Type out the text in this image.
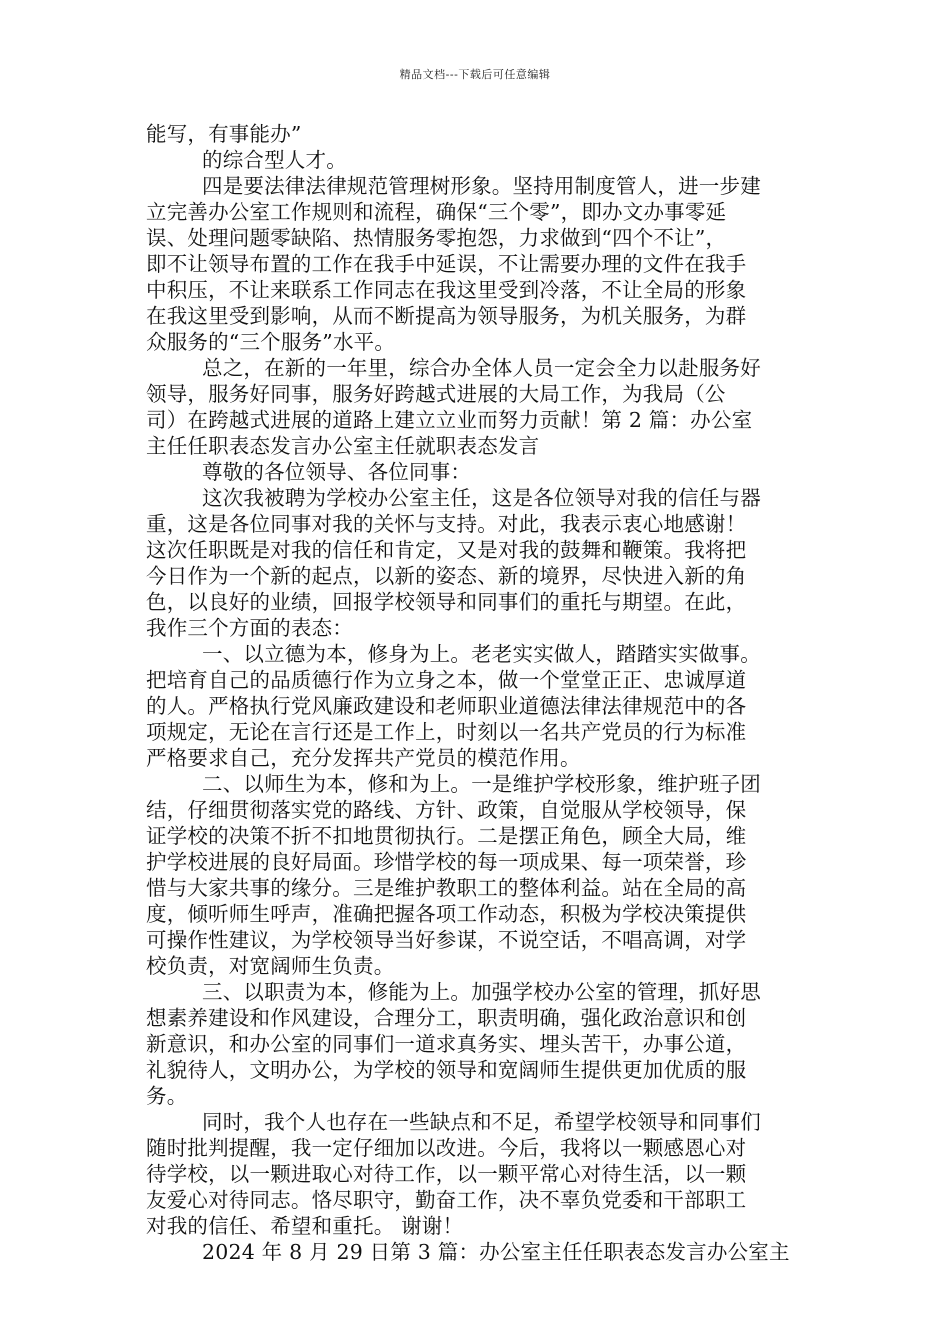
精品文档---下载后可任意编辑
能写，有事能办”
的综合型人才。
四是要法律法律规范管理树形象。坚持用制度管人，进一步建
立完善办公室工作规则和流程，确保“三个零”，即办文办事零延
误、处理问题零缺陷、热情服务零抱怨，力求做到“四个不让”，
即不让领导布置的工作在我手中延误，不让需要办理的文件在我手
中积压，不让来联系工作同志在我这里受到冷落，不让全局的形象
在我这里受到影响，从而不断提高为领导服务，为机关服务，为群
众服务的“三个服务”水平。
总之，在新的一年里，综合办全体人员一定会全力以赴服务好
领导，服务好同事，服务好跨越式进展的大局工作，为我局（公
司）在跨越式进展的道路上建立立业而努力贡献！第 2 篇：办公室
主任任职表态发言办公室主任就职表态发言
尊敬的各位领导、各位同事：
这次我被聘为学校办公室主任，这是各位领导对我的信任与器
重，这是各位同事对我的关怀与支持。对此，我表示衷心地感谢！
这次任职既是对我的信任和肯定，又是对我的鼓舞和鞭策。我将把
今日作为一个新的起点，以新的姿态、新的境界，尽快进入新的角
色，以良好的业绩，回报学校领导和同事们的重托与期望。在此，
我作三个方面的表态：
一、以立德为本，修身为上。老老实实做人，踏踏实实做事。
把培育自己的品质德行作为立身之本，做一个堂堂正正、忠诚厚道
的人。严格执行党风廉政建设和老师职业道德法律法律规范中的各
项规定，无论在言行还是工作上，时刻以一名共产党员的行为标准
严格要求自己，充分发挥共产党员的模范作用。
二、以师生为本，修和为上。一是维护学校形象，维护班子团
结，仔细贯彻落实党的路线、方针、政策，自觉服从学校领导，保
证学校的决策不折不扣地贯彻执行。二是摆正角色，顾全大局，维
护学校进展的良好局面。珍惜学校的每一项成果、每一项荣誉，珍
惜与大家共事的缘分。三是维护教职工的整体利益。站在全局的高
度，倾听师生呼声，准确把握各项工作动态，积极为学校决策提供
可操作性建议，为学校领导当好参谋，不说空话，不唱高调，对学
校负责，对宽阔师生负责。
三、以职责为本，修能为上。加强学校办公室的管理，抓好思
想素养建设和作风建设，合理分工，职责明确，强化政治意识和创
新意识，和办公室的同事们一道求真务实、埋头苦干，办事公道，
礼貌待人，文明办公，为学校的领导和宽阔师生提供更加优质的服
务。
同时，我个人也存在一些缺点和不足，希望学校领导和同事们
随时批判提醒，我一定仔细加以改进。今后，我将以一颗感恩心对
待学校，以一颗进取心对待工作，以一颗平常心对待生活，以一颗
友爱心对待同志。恪尽职守，勤奋工作，决不辜负党委和干部职工
对我的信任、希望和重托。 谢谢！
2024 年 8 月 29 日第 3 篇：办公室主任任职表态发言办公室主
